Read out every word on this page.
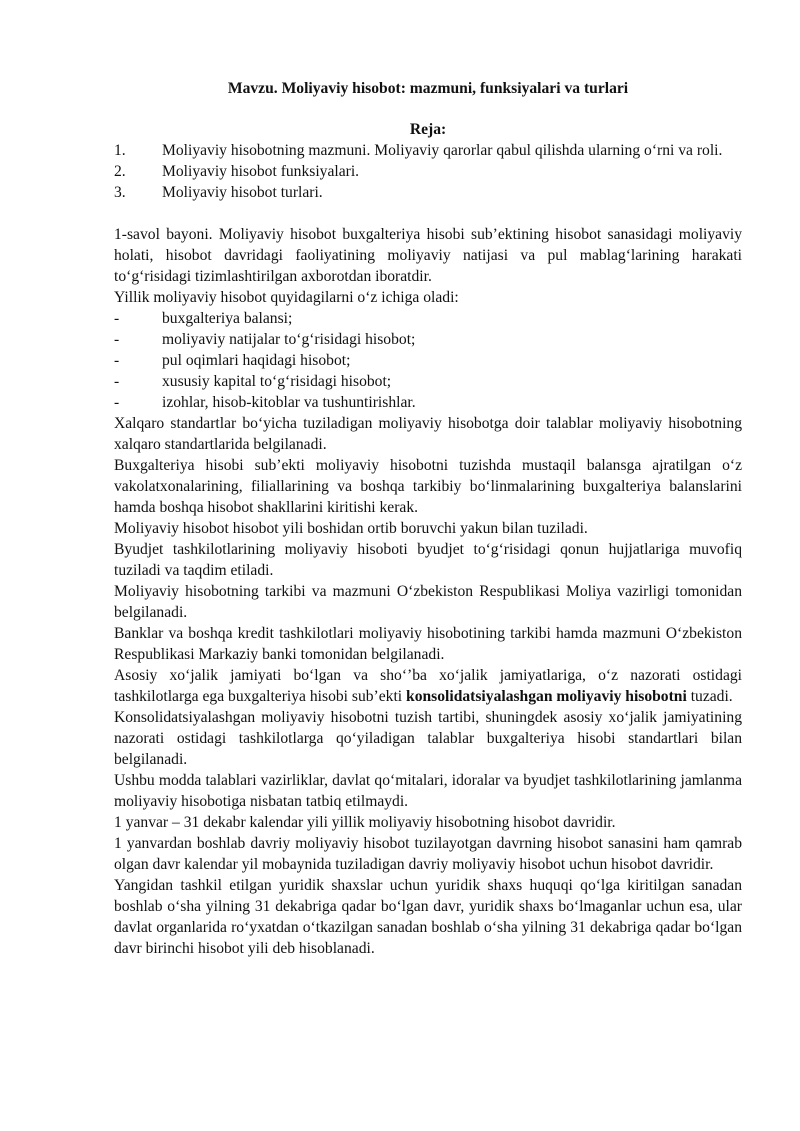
Mavzu. Moliyaviy hisobot: mazmuni, funksiyalari va turlari

Reja:

1. Moliyaviy hisobotning mazmuni. Moliyaviy qarorlar qabul qilishda ularning o‘rni va roli.

2. Moliyaviy hisobot funksiyalari.

3. Moliyaviy hisobot turlari.

1-savol bayoni. Moliyaviy hisobot buxgalteriya hisobi sub’ektining hisobot sanasidagi moliyaviy holati, hisobot davridagi faoliyatining moliyaviy natijasi va pul mablag‘larining harakati to‘g‘risidagi tizimlashtirilgan axborotdan iboratdir.

Yillik moliyaviy hisobot quyidagilarni o‘z ichiga oladi:

-	buxgalteriya balansi;

-	moliyaviy natijalar to‘g‘risidagi hisobot;

-	pul oqimlari haqidagi hisobot;

-	xususiy kapital to‘g‘risidagi hisobot;

-	izohlar, hisob-kitoblar va tushuntirishlar.

Xalqaro standartlar bo‘yicha tuziladigan moliyaviy hisobotga doir talablar moliyaviy hisobotning xalqaro standartlarida belgilanadi.

Buxgalteriya hisobi sub’ekti moliyaviy hisobotni tuzishda mustaqil balansga ajratilgan o‘z vakolatxonalarining, filiallarining va boshqa tarkibiy bo‘linmalarining buxgalteriya balanslarini hamda boshqa hisobot shakllarini kiritishi kerak.

Moliyaviy hisobot hisobot yili boshidan ortib boruvchi yakun bilan tuziladi.

Byudjet tashkilotlarining moliyaviy hisoboti byudjet to‘g‘risidagi qonun hujjatlariga muvofiq tuziladi va taqdim etiladi.

Moliyaviy hisobotning tarkibi va mazmuni O‘zbekiston Respublikasi Moliya vazirligi tomonidan belgilanadi.

Banklar va boshqa kredit tashkilotlari moliyaviy hisobotining tarkibi hamda mazmuni O‘zbekiston Respublikasi Markaziy banki tomonidan belgilanadi.

Asosiy xo‘jalik jamiyati bo‘lgan va sho‘’ba xo‘jalik jamiyatlariga, o‘z nazorati ostidagi tashkilotlarga ega buxgalteriya hisobi sub’ekti konsolidatsiyalashgan moliyaviy hisobotni tuzadi.

Konsolidatsiyalashgan moliyaviy hisobotni tuzish tartibi, shuningdek asosiy xo‘jalik jamiyatining nazorati ostidagi tashkilotlarga qo‘yiladigan talablar buxgalteriya hisobi standartlari bilan belgilanadi.

Ushbu modda talablari vazirliklar, davlat qo‘mitalari, idoralar va byudjet tashkilotlarining jamlanma moliyaviy hisobotiga nisbatan tatbiq etilmaydi.

1 yanvar – 31 dekabr kalendar yili yillik moliyaviy hisobotning hisobot davridir.

1 yanvardan boshlab davriy moliyaviy hisobot tuzilayotgan davrning hisobot sanasini ham qamrab olgan davr kalendar yil mobaynida tuziladigan davriy moliyaviy hisobot uchun hisobot davridir.

Yangidan tashkil etilgan yuridik shaxslar uchun yuridik shaxs huquqi qo‘lga kiritilgan sanadan boshlab o‘sha yilning 31 dekabriga qadar bo‘lgan davr, yuridik shaxs bo‘lmaganlar uchun esa, ular davlat organlarida ro‘yxatdan o‘tkazilgan sanadan boshlab o‘sha yilning 31 dekabriga qadar bo‘lgan davr birinchi hisobot yili deb hisoblanadi.
